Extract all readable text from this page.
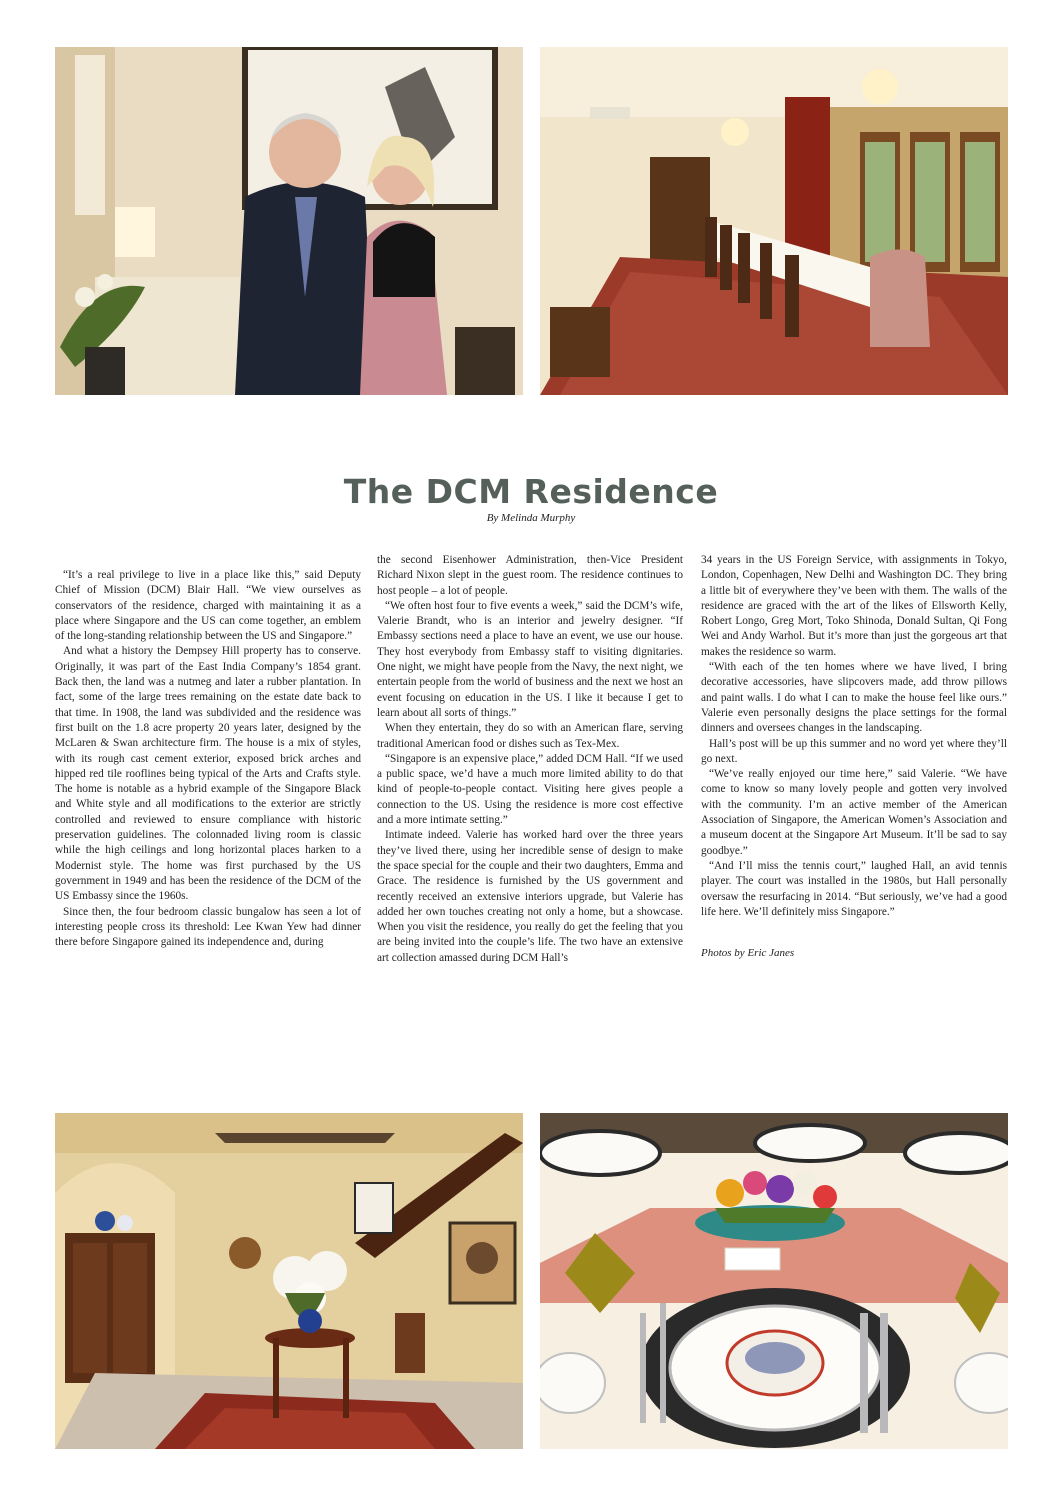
The DCM Residence
By Melinda Murphy

“It’s a real privilege to live in a place like this,” said Deputy Chief of Mission (DCM) Blair Hall. “We view ourselves as conservators of the residence, charged with maintaining it as a place where Singapore and the US can come together, an emblem of the long-standing relationship between the US and Singapore.”

And what a history the Dempsey Hill property has to conserve. Originally, it was part of the East India Company’s 1854 grant. Back then, the land was a nutmeg and later a rubber plantation. In fact, some of the large trees remaining on the estate date back to that time. In 1908, the land was subdivided and the residence was first built on the 1.8 acre property 20 years later, designed by the McLaren & Swan architecture firm. The house is a mix of styles, with its rough cast cement exterior, exposed brick arches and hipped red tile rooflines being typical of the Arts and Crafts style. The home is notable as a hybrid example of the Singapore Black and White style and all modifications to the exterior are strictly controlled and reviewed to ensure compliance with historic preservation guidelines. The colonnaded living room is classic while the high ceilings and long horizontal places harken to a Modernist style. The home was first purchased by the US government in 1949 and has been the residence of the DCM of the US Embassy since the 1960s.

Since then, the four bedroom classic bungalow has seen a lot of interesting people cross its threshold: Lee Kwan Yew had dinner there before Singapore gained its independence and, during

the second Eisenhower Administration, then-Vice President Richard Nixon slept in the guest room. The residence continues to host people – a lot of people.

“We often host four to five events a week,” said the DCM’s wife, Valerie Brandt, who is an interior and jewelry designer. “If Embassy sections need a place to have an event, we use our house. They host everybody from Embassy staff to visiting dignitaries. One night, we might have people from the Navy, the next night, we entertain people from the world of business and the next we host an event focusing on education in the US. I like it because I get to learn about all sorts of things.”

When they entertain, they do so with an American flare, serving traditional American food or dishes such as Tex-Mex.

“Singapore is an expensive place,” added DCM Hall. “If we used a public space, we’d have a much more limited ability to do that kind of people-to-people contact. Visiting here gives people a connection to the US. Using the residence is more cost effective and a more intimate setting.”

Intimate indeed. Valerie has worked hard over the three years they’ve lived there, using her incredible sense of design to make the space special for the couple and their two daughters, Emma and Grace. The residence is furnished by the US government and recently received an extensive interiors upgrade, but Valerie has added her own touches creating not only a home, but a showcase. When you visit the residence, you really do get the feeling that you are being invited into the couple’s life. The two have an extensive art collection amassed during DCM Hall’s

34 years in the US Foreign Service, with assignments in Tokyo, London, Copenhagen, New Delhi and Washington DC. They bring a little bit of everywhere they’ve been with them. The walls of the residence are graced with the art of the likes of Ellsworth Kelly, Robert Longo, Greg Mort, Toko Shinoda, Donald Sultan, Qi Fong Wei and Andy Warhol. But it’s more than just the gorgeous art that makes the residence so warm.

“With each of the ten homes where we have lived, I bring decorative accessories, have slipcovers made, add throw pillows and paint walls. I do what I can to make the house feel like ours.” Valerie even personally designs the place settings for the formal dinners and oversees changes in the landscaping.

Hall’s post will be up this summer and no word yet where they’ll go next.

“We’ve really enjoyed our time here,” said Valerie. “We have come to know so many lovely people and gotten very involved with the community. I’m an active member of the American Association of Singapore, the American Women’s Association and a museum docent at the Singapore Art Museum. It’ll be sad to say goodbye.”

“And I’ll miss the tennis court,” laughed Hall, an avid tennis player. The court was installed in the 1980s, but Hall personally oversaw the resurfacing in 2014. “But seriously, we’ve had a good life here. We’ll definitely miss Singapore.”

Photos by Eric Janes
